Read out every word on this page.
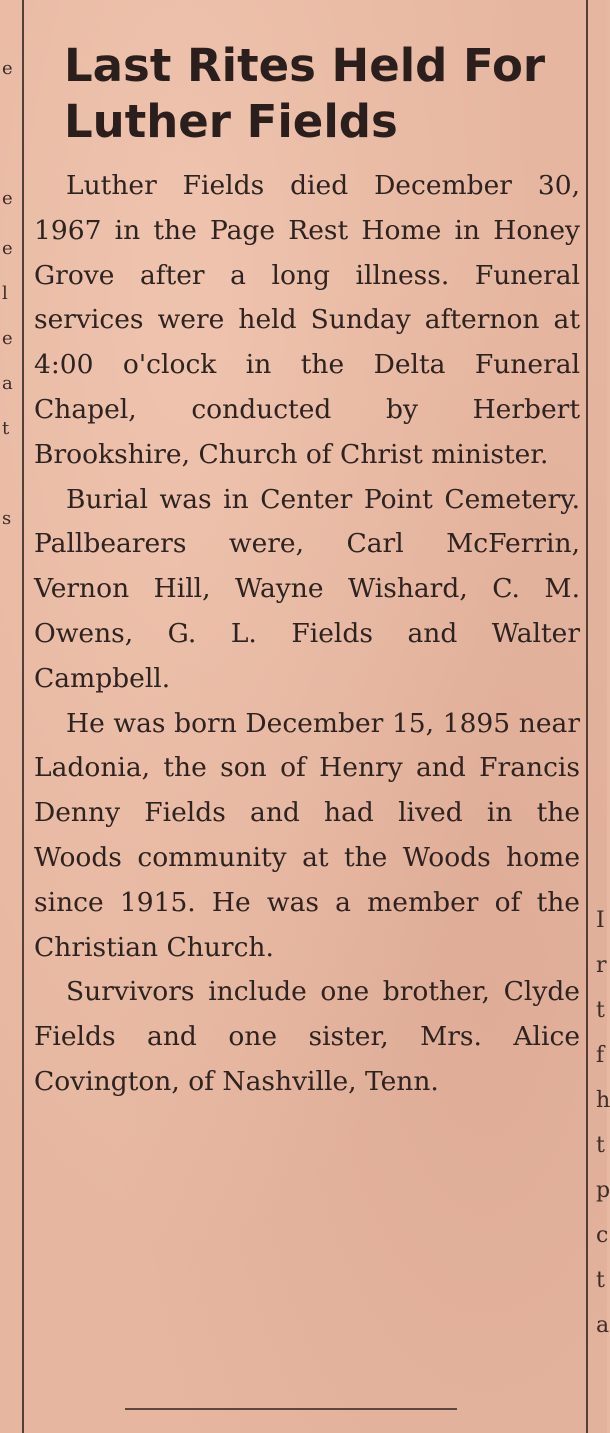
e
e
e
l
e
a
t
s
I
r
t
f
h
t
p
c
t
a
Last Rites Held For
Luther Fields

Luther Fields died December 30, 1967 in the Page Rest Home in Honey Grove after a long illness. Funeral services were held Sunday afternon at 4:00 o'clock in the Delta Funeral Chapel, conducted by Herbert Brookshire, Church of Christ minister.

Burial was in Center Point Cemetery. Pallbearers were, Carl McFerrin, Vernon Hill, Wayne Wishard, C. M. Owens, G. L. Fields and Walter Campbell.

He was born December 15, 1895 near Ladonia, the son of Henry and Francis Denny Fields and had lived in the Woods community at the Woods home since 1915. He was a member of the Christian Church.

Survivors include one brother, Clyde Fields and one sister, Mrs. Alice Covington, of Nashville, Tenn.
